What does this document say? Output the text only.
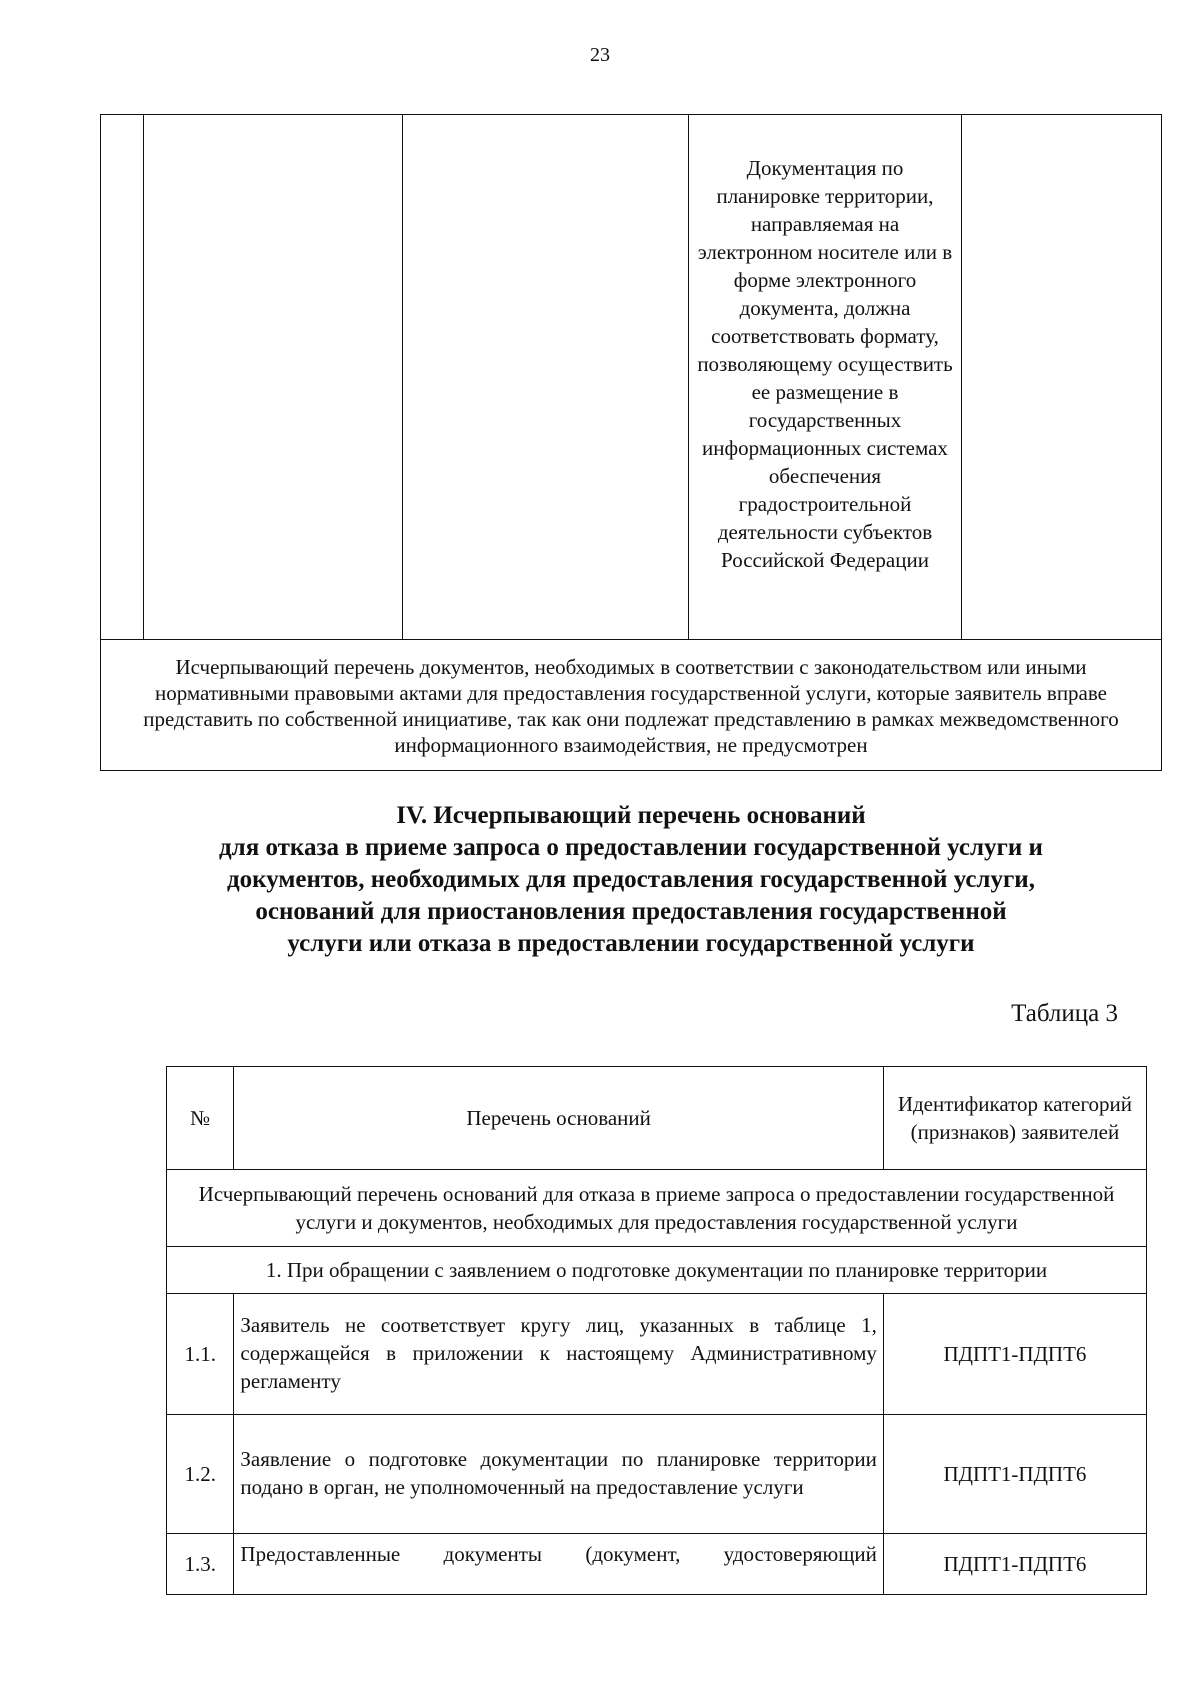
23

Документация по планировке территории, направляемая на электронном носителе или в форме электронного документа, должна соответствовать формату, позволяющему осуществить ее размещение в государственных информационных системах обеспечения градостроительной деятельности субъектов Российской Федерации

Исчерпывающий перечень документов, необходимых в соответствии с законодательством или иными нормативными правовыми актами для предоставления государственной услуги, которые заявитель вправе представить по собственной инициативе, так как они подлежат представлению в рамках межведомственного информационного взаимодействия, не предусмотрен
IV. Исчерпывающий перечень оснований
для отказа в приеме запроса о предоставлении государственной услуги и
документов, необходимых для предоставления государственной услуги,
оснований для приостановления предоставления государственной
услуги или отказа в предоставлении государственной услуги
Таблица 3
№	Перечень оснований	Идентификатор категорий (признаков) заявителей
Исчерпывающий перечень оснований для отказа в приеме запроса о предоставлении государственной услуги и документов, необходимых для предоставления государственной услуги		
1. При обращении с заявлением о подготовке документации по планировке территории		
1.1.	Заявитель не соответствует кругу лиц, указанных в таблице 1, содержащейся в приложении к настоящему Административному регламенту	ПДПТ1-ПДПТ6
1.2.	Заявление о подготовке документации по планировке территории подано в орган, не уполномоченный на предоставление услуги	ПДПТ1-ПДПТ6
1.3.	Предоставленные документы (документ, удостоверяющий	ПДПТ1-ПДПТ6
